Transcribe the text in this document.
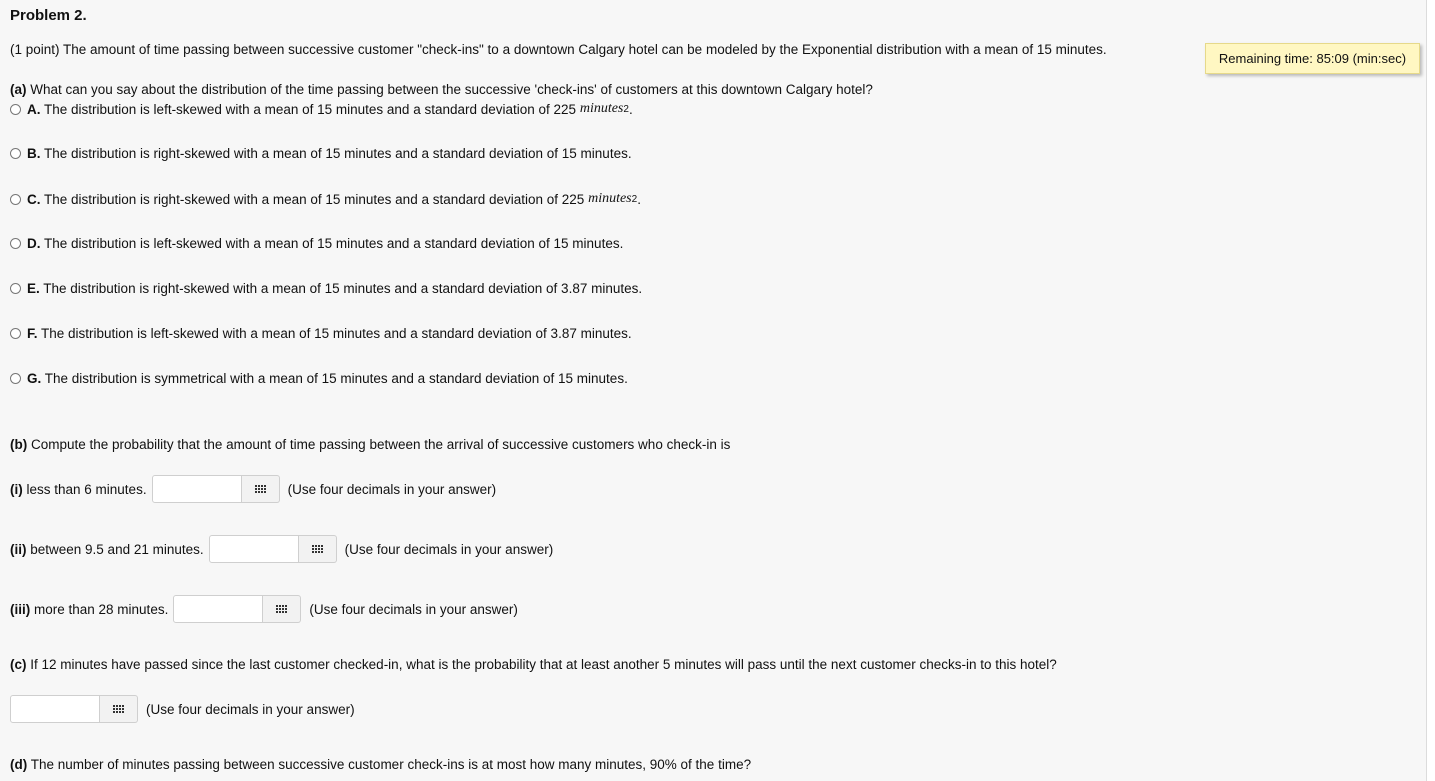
Problem 2.
(1 point) The amount of time passing between successive customer "check-ins" to a downtown Calgary hotel can be modeled by the Exponential distribution with a mean of 15 minutes.
Remaining time: 85:09 (min:sec)
(a) What can you say about the distribution of the time passing between the successive 'check-ins' of customers at this downtown Calgary hotel?
A. The distribution is left-skewed with a mean of 15 minutes and a standard deviation of 225 minutes 2 .
B. The distribution is right-skewed with a mean of 15 minutes and a standard deviation of 15 minutes.
C. The distribution is right-skewed with a mean of 15 minutes and a standard deviation of 225 minutes 2 .
D. The distribution is left-skewed with a mean of 15 minutes and a standard deviation of 15 minutes.
E. The distribution is right-skewed with a mean of 15 minutes and a standard deviation of 3.87 minutes.
F. The distribution is left-skewed with a mean of 15 minutes and a standard deviation of 3.87 minutes.
G. The distribution is symmetrical with a mean of 15 minutes and a standard deviation of 15 minutes.
(b) Compute the probability that the amount of time passing between the arrival of successive customers who check-in is
(i) less than 6 minutes.	(Use four decimals in your answer)
(ii) between 9.5 and 21 minutes.	(Use four decimals in your answer)
(iii) more than 28 minutes.	(Use four decimals in your answer)
(c) If 12 minutes have passed since the last customer checked-in, what is the probability that at least another 5 minutes will pass until the next customer checks-in to this hotel?
(Use four decimals in your answer)
(d) The number of minutes passing between successive customer check-ins is at most how many minutes, 90% of the time?
